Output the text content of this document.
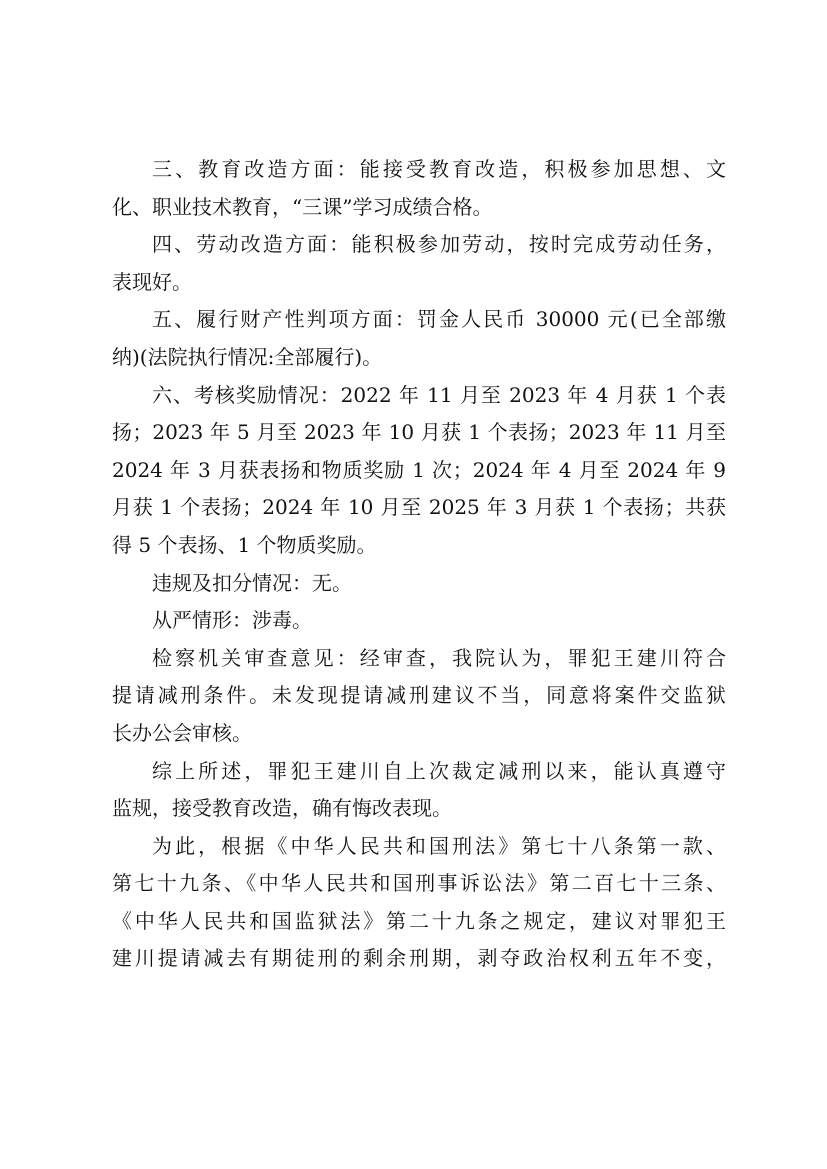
三、教育改造方面：能接受教育改造，积极参加思想、文
化、职业技术教育，“三课”学习成绩合格。
四、劳动改造方面：能积极参加劳动，按时完成劳动任务，
表现好。
五、履行财产性判项方面：罚金人民币 30000 元(已全部缴
纳)(法院执行情况:全部履行)。
六、考核奖励情况：2022 年 11 月至 2023 年 4 月获 1 个表
扬；2023 年 5 月至 2023 年 10 月获 1 个表扬；2023 年 11 月至
2024 年 3 月获表扬和物质奖励 1 次；2024 年 4 月至 2024 年 9
月获 1 个表扬；2024 年 10 月至 2025 年 3 月获 1 个表扬；共获
得 5 个表扬、1 个物质奖励。
违规及扣分情况：无。
从严情形：涉毒。
检察机关审查意见：经审查，我院认为，罪犯王建川符合
提请减刑条件。未发现提请减刑建议不当，同意将案件交监狱
长办公会审核。
综上所述，罪犯王建川自上次裁定减刑以来，能认真遵守
监规，接受教育改造，确有悔改表现。
为此，根据《中华人民共和国刑法》第七十八条第一款、
第七十九条、《中华人民共和国刑事诉讼法》第二百七十三条、
《中华人民共和国监狱法》第二十九条之规定，建议对罪犯王
建川提请减去有期徒刑的剩余刑期，剥夺政治权利五年不变，
